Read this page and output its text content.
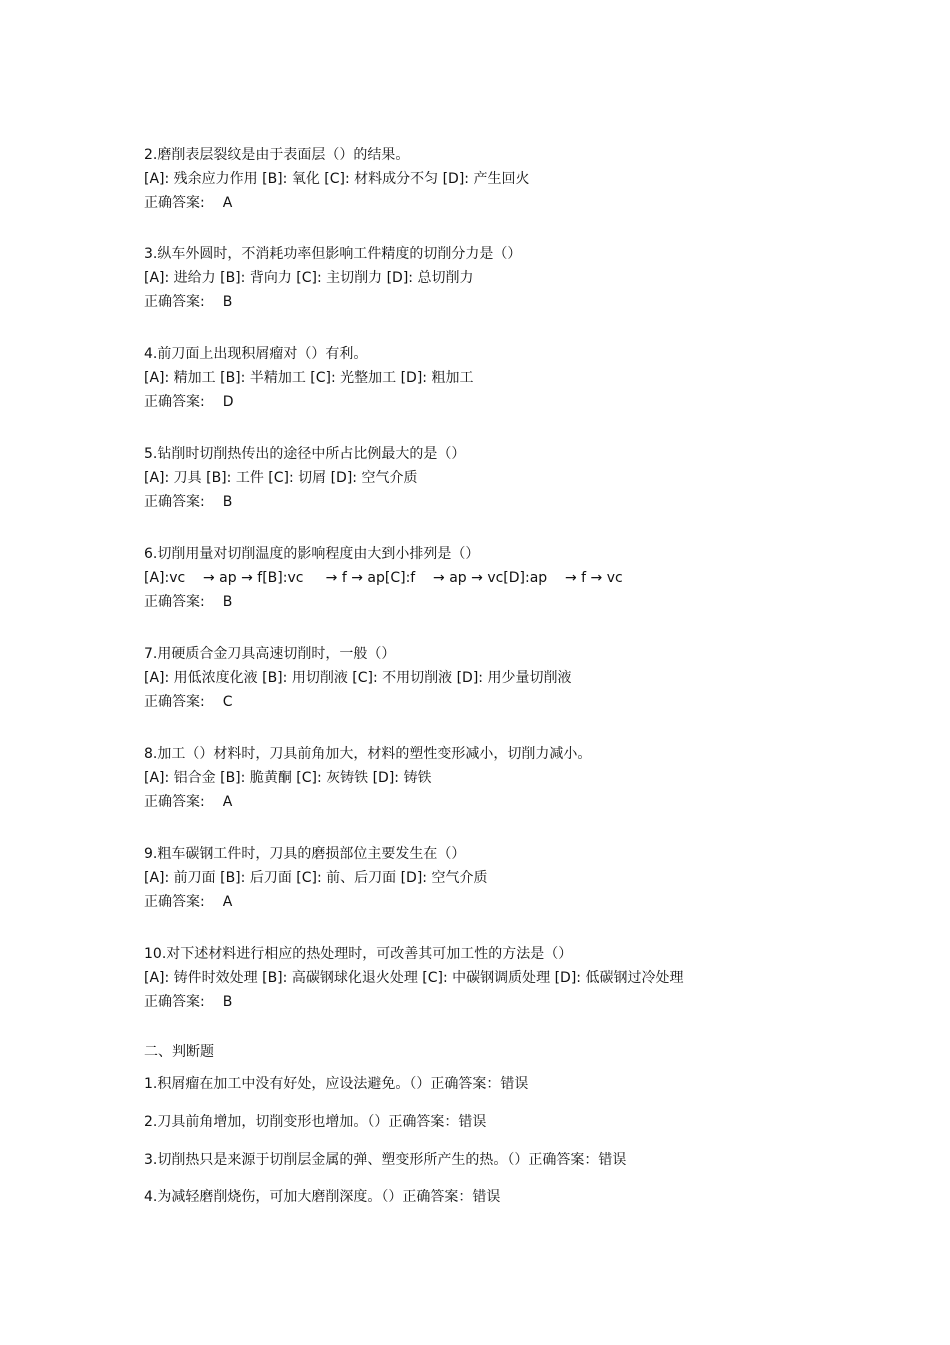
2.磨削表层裂纹是由于表面层（）的结果。
[A]: 残余应力作用 [B]: 氧化 [C]: 材料成分不匀 [D]: 产生回火
正确答案: A
3.纵车外圆时，不消耗功率但影响工件精度的切削分力是（）
[A]: 进给力 [B]: 背向力 [C]: 主切削力 [D]: 总切削力
正确答案: B
4.前刀面上出现积屑瘤对（）有利。
[A]: 精加工 [B]: 半精加工 [C]: 光整加工 [D]: 粗加工
正确答案: D
5.钻削时切削热传出的途径中所占比例最大的是（）
[A]: 刀具 [B]: 工件 [C]: 切屑 [D]: 空气介质
正确答案: B
6.切削用量对切削温度的影响程度由大到小排列是（）
[A]:vc    → ap → f[B]:vc     → f → ap[C]:f    → ap → vc[D]:ap    → f → vc
正确答案: B
7.用硬质合金刀具高速切削时，一般（）
[A]: 用低浓度化液 [B]: 用切削液 [C]: 不用切削液 [D]: 用少量切削液
正确答案: C
8.加工（）材料时，刀具前角加大，材料的塑性变形减小，切削力减小。
[A]: 铝合金 [B]: 脆黄酮 [C]: 灰铸铁 [D]: 铸铁
正确答案: A
9.粗车碳钢工件时，刀具的磨损部位主要发生在（）
[A]: 前刀面 [B]: 后刀面 [C]: 前、后刀面 [D]: 空气介质
正确答案: A
10.对下述材料进行相应的热处理时，可改善其可加工性的方法是（）
[A]: 铸件时效处理 [B]: 高碳钢球化退火处理 [C]: 中碳钢调质处理 [D]: 低碳钢过冷处理
正确答案: B
二、判断题
1.积屑瘤在加工中没有好处，应设法避免。（）正确答案：错误
2.刀具前角增加，切削变形也增加。（）正确答案：错误
3.切削热只是来源于切削层金属的弹、塑变形所产生的热。（）正确答案：错误
4.为减轻磨削烧伤，可加大磨削深度。（）正确答案：错误
